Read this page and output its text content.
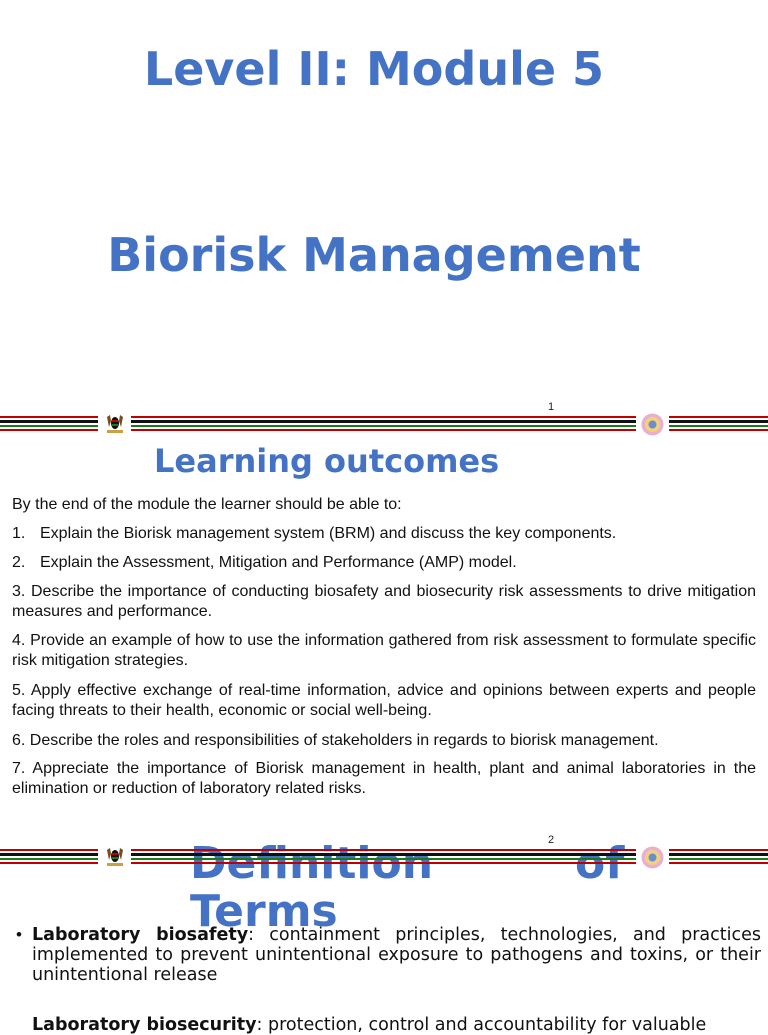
Level II: Module 5
Biorisk Management
1
Learning outcomes
By the end of the module the learner should be able to:
1. Explain the Biorisk management system (BRM) and discuss the key components.
2. Explain the Assessment, Mitigation and Performance (AMP) model.
3. Describe the importance of conducting biosafety and biosecurity risk assessments to drive mitigation measures and performance.
4. Provide an example of how to use the information gathered from risk assessment to formulate specific risk mitigation strategies.
5. Apply effective exchange of real-time information, advice and opinions between experts and people facing threats to their health, economic or social well-being.
6. Describe the roles and responsibilities of stakeholders in regards to biorisk management.
7. Appreciate the importance of Biorisk management in health, plant and animal laboratories in the elimination or reduction of laboratory related risks.
Terms
2
• Laboratory biosafety: containment principles, technologies, and practices implemented to prevent unintentional exposure to pathogens and toxins, or their unintentional release
Laboratory biosecurity: protection, control and accountability for valuable
